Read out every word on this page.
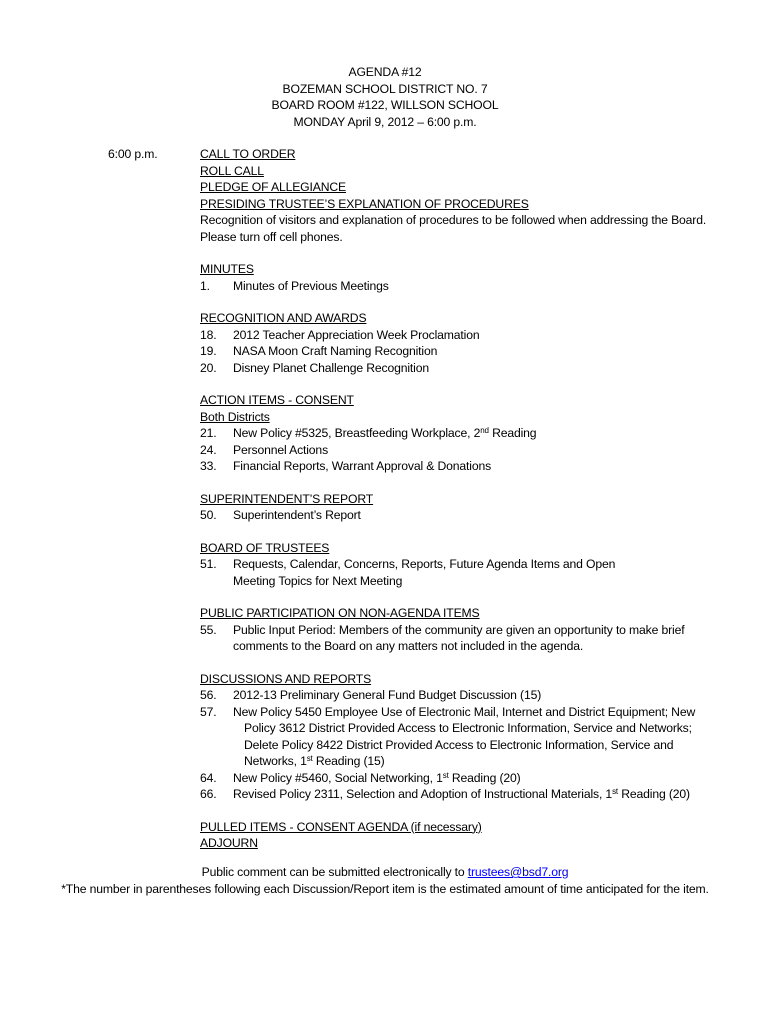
AGENDA #12
BOZEMAN SCHOOL DISTRICT NO. 7
BOARD ROOM #122, WILLSON SCHOOL
MONDAY April 9, 2012 – 6:00 p.m.
6:00 p.m.	CALL TO ORDER
ROLL CALL
PLEDGE OF ALLEGIANCE
PRESIDING TRUSTEE’S EXPLANATION OF PROCEDURES
Recognition of visitors and explanation of procedures to be followed when addressing the Board.
Please turn off cell phones.
MINUTES
1. Minutes of Previous Meetings
RECOGNITION AND AWARDS
18. 2012 Teacher Appreciation Week Proclamation
19. NASA Moon Craft Naming Recognition
20. Disney Planet Challenge Recognition
ACTION ITEMS - CONSENT
Both Districts
21. New Policy #5325, Breastfeeding Workplace, 2nd Reading
24. Personnel Actions
33. Financial Reports, Warrant Approval & Donations
SUPERINTENDENT’S REPORT
50. Superintendent’s Report
BOARD OF TRUSTEES
51. Requests, Calendar, Concerns, Reports, Future Agenda Items and Open
Meeting Topics for Next Meeting
PUBLIC PARTICIPATION ON NON-AGENDA ITEMS
55. Public Input Period: Members of the community are given an opportunity to make brief
comments to the Board on any matters not included in the agenda.
DISCUSSIONS AND REPORTS
56. 2012-13 Preliminary General Fund Budget Discussion (15)
57. New Policy 5450 Employee Use of Electronic Mail, Internet and District Equipment; New
Policy 3612 District Provided Access to Electronic Information, Service and Networks;
Delete Policy 8422 District Provided Access to Electronic Information, Service and
Networks, 1st Reading (15)
64. New Policy #5460, Social Networking, 1st Reading (20)
66. Revised Policy 2311, Selection and Adoption of Instructional Materials, 1st Reading (20)
PULLED ITEMS - CONSENT AGENDA (if necessary)
ADJOURN
Public comment can be submitted electronically to trustees@bsd7.org
*The number in parentheses following each Discussion/Report item is the estimated amount of time anticipated for the item.
